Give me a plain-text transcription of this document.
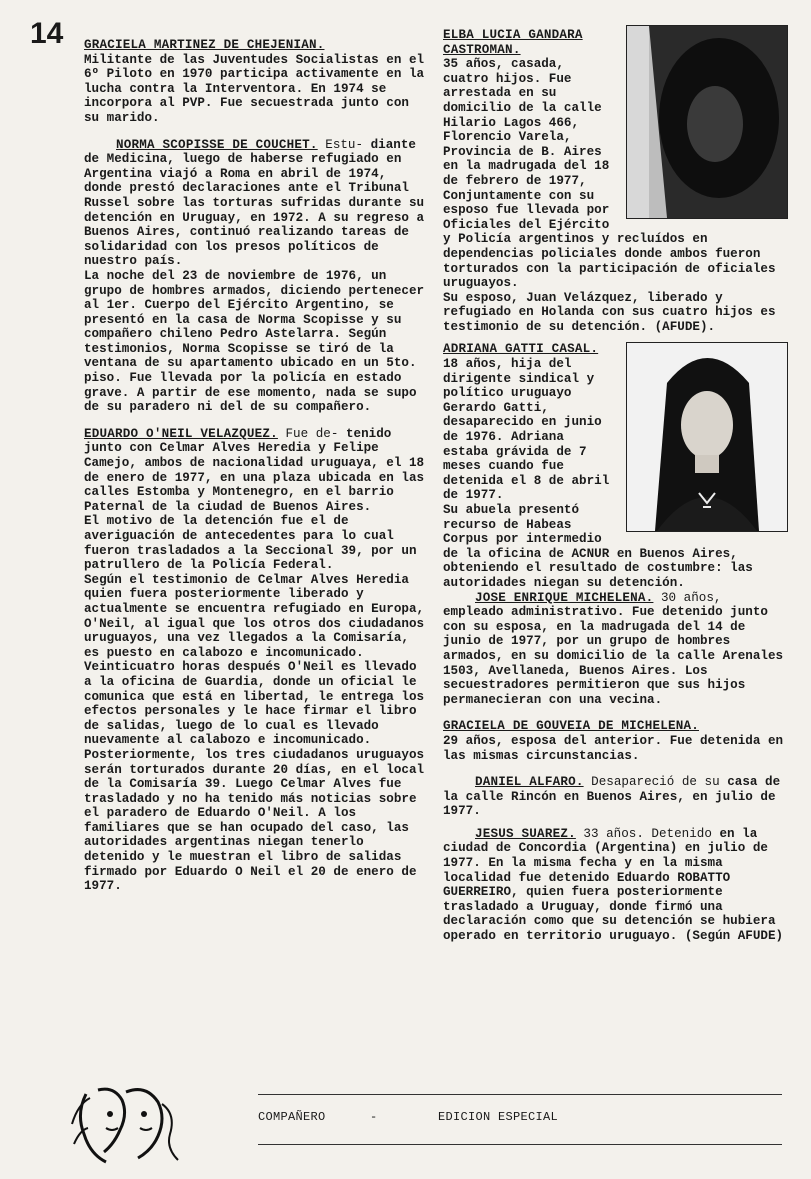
14 GRACIELA MARTINEZ DE CHEJENIAN.

Militante de las Juventudes Socialistas en el 6º Piloto en 1970 participa activamente en la lucha contra la Interventora. En 1974 se incorpora al PVP. Fue secuestrada junto con su marido.

NORMA SCOPISSE DE COUCHET. Estu- diante de Medicina, luego de haberse refugiado en Argentina viajó a Roma en abril de 1974, donde prestó declaraciones ante el Tribunal Russel sobre las torturas sufridas durante su detención en Uruguay, en 1972. A su regreso a Buenos Aires, continuó realizando tareas de solidaridad con los presos políticos de nuestro país.

La noche del 23 de noviembre de 1976, un grupo de hombres armados, diciendo pertenecer al 1er. Cuerpo del Ejército Argentino, se presentó en la casa de Norma Scopisse y su compañero chileno Pedro Astelarra. Según testimonios, Norma Scopisse se tiró de la ventana de su apartamento ubicado en un 5to. piso. Fue llevada por la policía en estado grave. A partir de ese momento, nada se supo de su paradero ni del de su compañero.

EDUARDO O'NEIL VELAZQUEZ. Fue de- tenido junto con Celmar Alves Heredia y Felipe Camejo, ambos de nacionalidad uruguaya, el 18 de enero de 1977, en una plaza ubicada en las calles Estomba y Montenegro, en el barrio Paternal de la ciudad de Buenos Aires.

El motivo de la detención fue el de averiguación de antecedentes para lo cual fueron trasladados a la Seccional 39, por un patrullero de la Policía Federal.

Según el testimonio de Celmar Alves Heredia quien fuera posteriormente liberado y actualmente se encuentra refugiado en Europa, O'Neil, al igual que los otros dos ciudadanos uruguayos, una vez llegados a la Comisaría, es puesto en calabozo e incomunicado. Veinticuatro horas después O'Neil es llevado a la oficina de Guardia, donde un oficial le comunica que está en libertad, le entrega los efectos personales y le hace firmar el libro de salidas, luego de lo cual es llevado nuevamente al calabozo e incomunicado. Posteriormente, los tres ciudadanos uruguayos serán torturados durante 20 días, en el local de la Comisaría 39. Luego Celmar Alves fue trasladado y no ha tenido más noticias sobre el paradero de Eduardo O'Neil. A los familiares que se han ocupado del caso, las autoridades argentinas niegan tenerlo detenido y le muestran el libro de salidas firmado por Eduardo O Neil el 20 de enero de 1977.

ELBA LUCIA GANDARA CASTROMAN.

35 años, casada, cuatro hijos. Fue arrestada en su domicilio de la calle Hilario Lagos 466, Florencio Varela, Provincia de B. Aires en la madrugada del 18 de febrero de 1977, Conjuntamente con su esposo fue llevada por Oficiales del Ejército y Policía argentinos y recluídos en dependencias policiales donde ambos fueron torturados con la participación de oficiales uruguayos.

Su esposo, Juan Velázquez, liberado y refugiado en Holanda con sus cuatro hijos es testimonio de su detención. (AFUDE).

ADRIANA GATTI CASAL.

18 años, hija del dirigente sindical y político uruguayo Gerardo Gatti, desaparecido en junio de 1976. Adriana estaba grávida de 7 meses cuando fue detenida el 8 de abril de 1977.

Su abuela presentó recurso de Habeas Corpus por intermedio de la oficina de ACNUR en Buenos Aires, obteniendo el resultado de costumbre: las autoridades niegan su detención.

JOSE ENRIQUE MICHELENA. 30 años, empleado administrativo. Fue detenido junto con su esposa, en la madrugada del 14 de junio de 1977, por un grupo de hombres armados, en su domicilio de la calle Arenales 1503, Avellaneda, Buenos Aires. Los secuestradores permitieron que sus hijos permanecieran con una vecina.

GRACIELA DE GOUVEIA DE MICHELENA.

29 años, esposa del anterior. Fue detenida en las mismas circunstancias.

DANIEL ALFARO. Desapareció de su casa de la calle Rincón en Buenos Aires, en julio de 1977.

JESUS SUAREZ. 33 años. Detenido en la ciudad de Concordia (Argentina) en julio de 1977. En la misma fecha y en la misma localidad fue detenido Eduardo ROBATTO GUERREIRO, quien fuera posteriormente trasladado a Uruguay, donde firmó una declaración como que su detención se hubiera operado en territorio uruguayo. (Según AFUDE)

COMPAÑERO	-	EDICION ESPECIAL
